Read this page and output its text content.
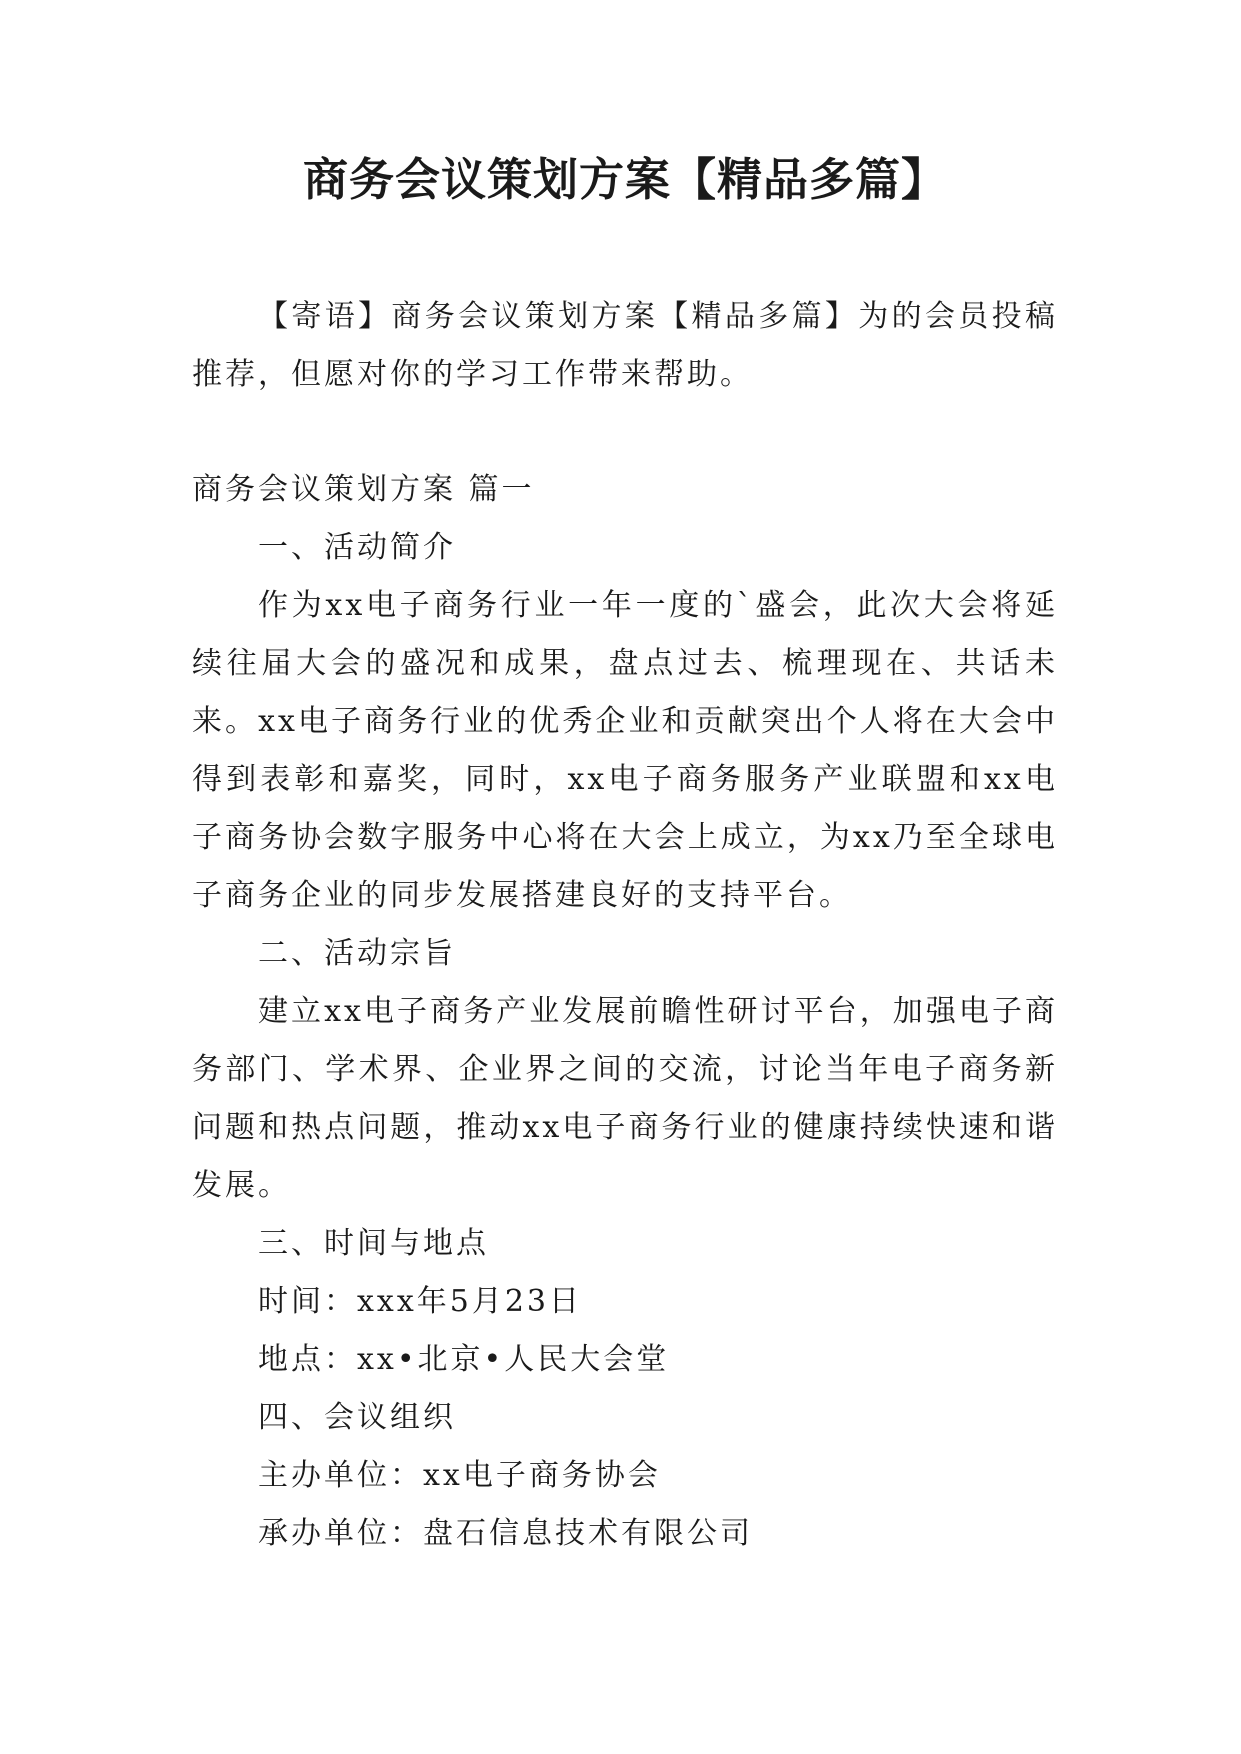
商务会议策划方案【精品多篇】

【寄语】商务会议策划方案【精品多篇】为的会员投稿推荐，但愿对你的学习工作带来帮助。

商务会议策划方案 篇一

一、活动简介

作为xx电子商务行业一年一度的`盛会，此次大会将延续往届大会的盛况和成果，盘点过去、梳理现在、共话未来。xx电子商务行业的优秀企业和贡献突出个人将在大会中得到表彰和嘉奖，同时，xx电子商务服务产业联盟和xx电子商务协会数字服务中心将在大会上成立，为xx乃至全球电子商务企业的同步发展搭建良好的支持平台。

二、活动宗旨

建立xx电子商务产业发展前瞻性研讨平台，加强电子商务部门、学术界、企业界之间的交流，讨论当年电子商务新问题和热点问题，推动xx电子商务行业的健康持续快速和谐发展。

三、时间与地点

时间：xxx年5月23日

地点：xx•北京•人民大会堂

四、会议组织

主办单位：xx电子商务协会

承办单位：盘石信息技术有限公司
